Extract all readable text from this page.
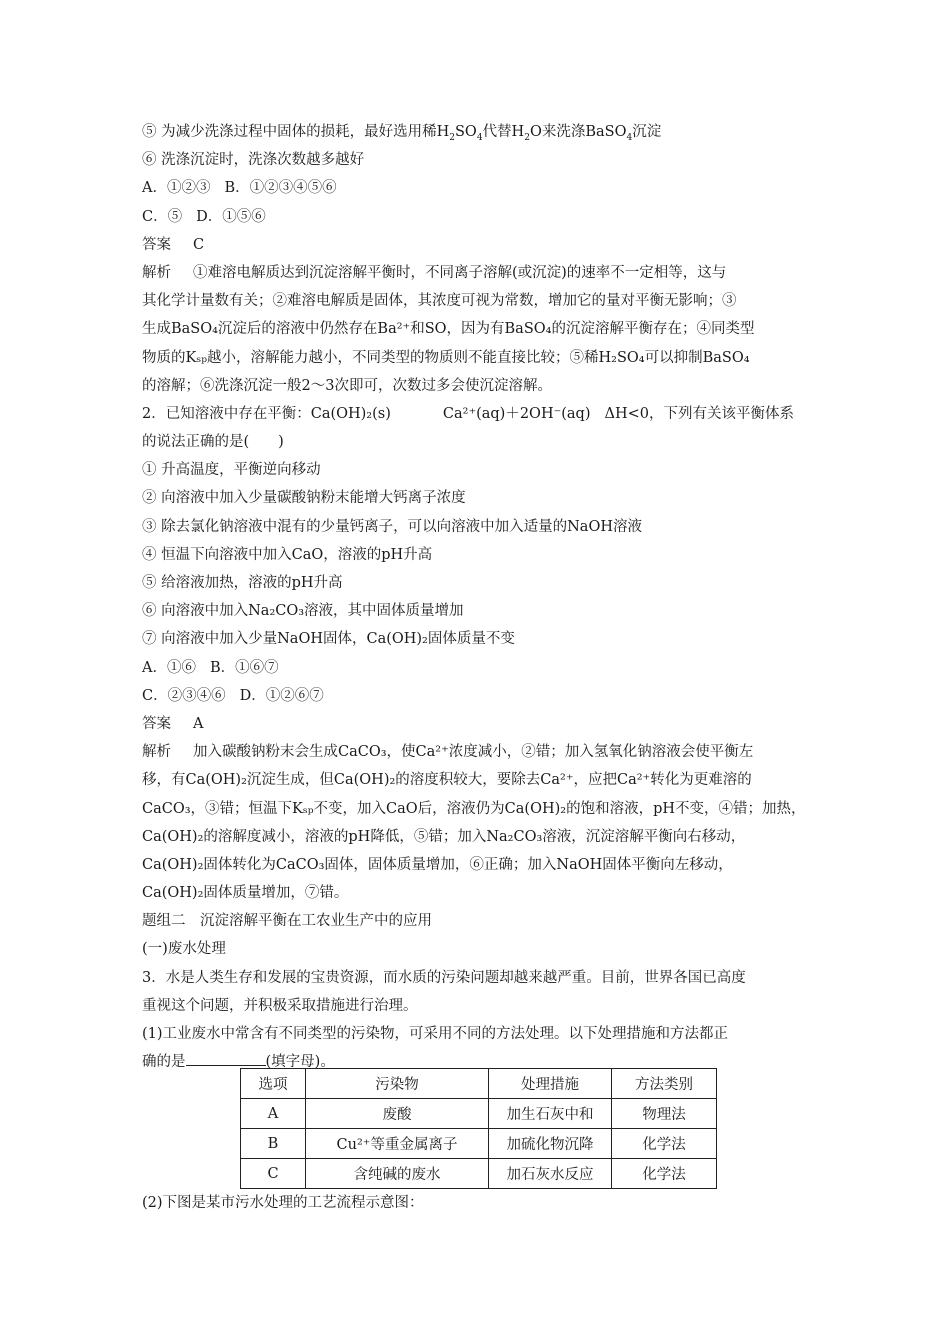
⑤ 为减少洗涤过程中固体的损耗，最好选用稀$H_2SO_4$代替$H_2O$来洗涤BaSO$_4$沉淀
⑥ 洗涤沉淀时，洗涤次数越多越好
A．①②③ B．①②③④⑤⑥
C．⑤ D．①⑤⑥
答案 C
解析 ①难溶电解质达到沉淀溶解平衡时，不同离子溶解(或沉淀)的速率不一定相等，这与
其化学计量数有关；②难溶电解质是固体，其浓度可视为常数，增加它的量对平衡无影响；③
生成BaSO₄沉淀后的溶液中仍然存在Ba²⁺和SO，因为有BaSO₄的沉淀溶解平衡存在；④同类型
物质的Kₛₚ越小，溶解能力越小，不同类型的物质则不能直接比较；⑤稀H₂SO₄可以抑制BaSO₄
的溶解；⑥洗涤沉淀一般2～3次即可，次数过多会使沉淀溶解。
2．已知溶液中存在平衡：Ca(OH)₂(s)	Ca²⁺(aq)＋2OH⁻(aq) ΔH<0，下列有关该平衡体系
的说法正确的是(　　)
① 升高温度，平衡逆向移动
② 向溶液中加入少量碳酸钠粉末能增大钙离子浓度
③ 除去氯化钠溶液中混有的少量钙离子，可以向溶液中加入适量的NaOH溶液
④ 恒温下向溶液中加入CaO，溶液的pH升高
⑤ 给溶液加热，溶液的pH升高
⑥ 向溶液中加入Na₂CO₃溶液，其中固体质量增加
⑦ 向溶液中加入少量NaOH固体，Ca(OH)₂固体质量不变
A．①⑥ B．①⑥⑦
C．②③④⑥ D．①②⑥⑦
答案 A
解析 加入碳酸钠粉末会生成CaCO₃，使Ca²⁺浓度减小，②错；加入氢氧化钠溶液会使平衡左
移，有Ca(OH)₂沉淀生成，但Ca(OH)₂的溶度积较大，要除去Ca²⁺，应把Ca²⁺转化为更难溶的
CaCO₃，③错；恒温下Kₛₚ不变，加入CaO后，溶液仍为Ca(OH)₂的饱和溶液，pH不变，④错；加热，
Ca(OH)₂的溶解度减小，溶液的pH降低，⑤错；加入Na₂CO₃溶液，沉淀溶解平衡向右移动，
Ca(OH)₂固体转化为CaCO₃固体，固体质量增加，⑥正确；加入NaOH固体平衡向左移动，
Ca(OH)₂固体质量增加，⑦错。
题组二　沉淀溶解平衡在工农业生产中的应用
(一)废水处理
3．水是人类生存和发展的宝贵资源，而水质的污染问题却越来越严重。目前，世界各国已高度
重视这个问题，并积极采取措施进行治理。
(1)工业废水中常含有不同类型的污染物，可采用不同的方法处理。以下处理措施和方法都正
确的是	(填字母)。
选项	污染物	处理措施	方法类别
A	废酸	加生石灰中和	物理法
B	Cu²⁺等重金属离子	加硫化物沉降	化学法
C	含纯碱的废水	加石灰水反应	化学法
(2)下图是某市污水处理的工艺流程示意图：
